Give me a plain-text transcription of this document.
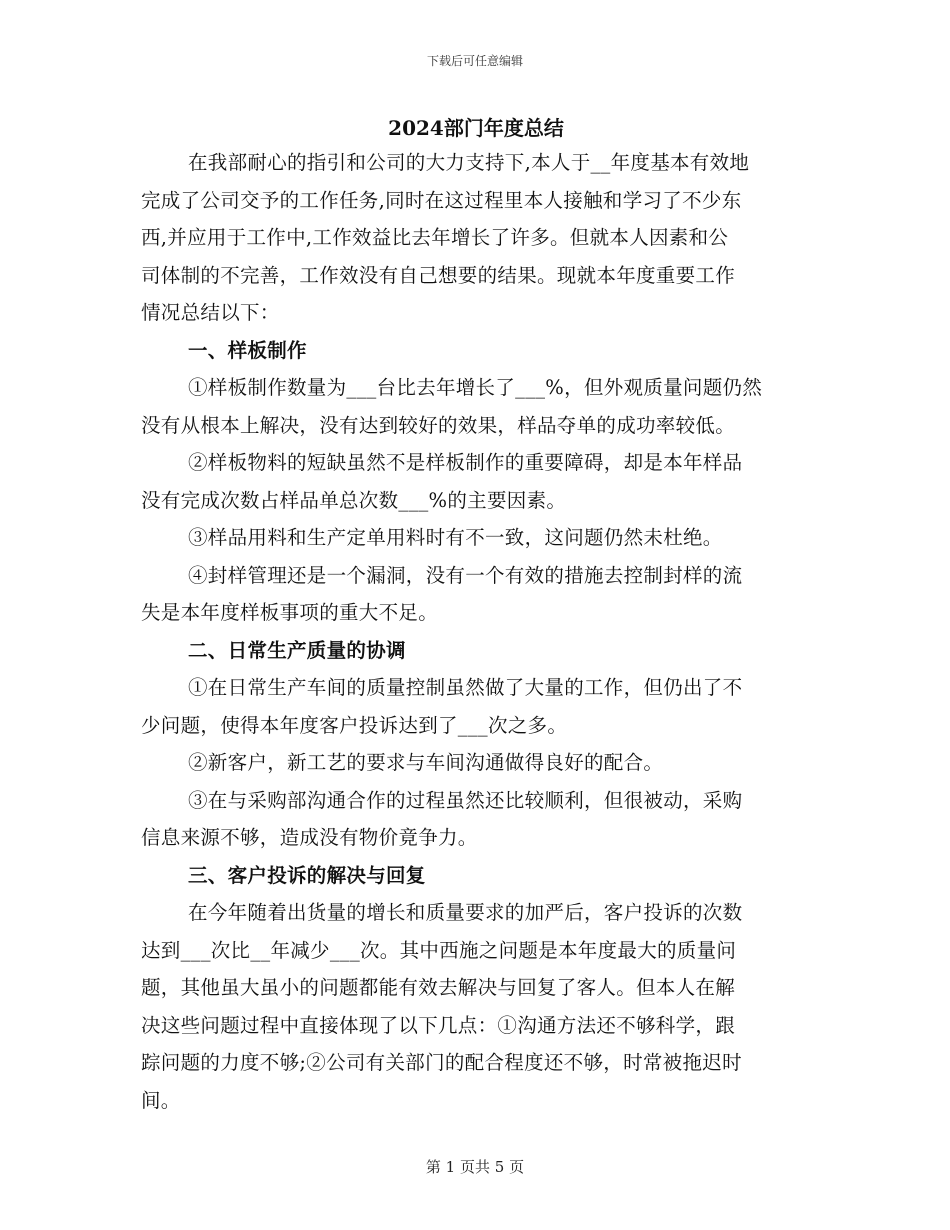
下载后可任意编辑
2024部门年度总结
在我部耐心的指引和公司的大力支持下,本人于__年度基本有效地
完成了公司交予的工作任务,同时在这过程里本人接触和学习了不少东
西,并应用于工作中,工作效益比去年增长了许多。但就本人因素和公
司体制的不完善，工作效没有自己想要的结果。现就本年度重要工作
情况总结以下：
一、样板制作
①样板制作数量为___台比去年增长了___%，但外观质量问题仍然
没有从根本上解决，没有达到较好的效果，样品夺单的成功率较低。
②样板物料的短缺虽然不是样板制作的重要障碍，却是本年样品
没有完成次数占样品单总次数___%的主要因素。
③样品用料和生产定单用料时有不一致，这问题仍然未杜绝。
④封样管理还是一个漏洞，没有一个有效的措施去控制封样的流
失是本年度样板事项的重大不足。
二、日常生产质量的协调
①在日常生产车间的质量控制虽然做了大量的工作，但仍出了不
少问题，使得本年度客户投诉达到了___次之多。
②新客户，新工艺的要求与车间沟通做得良好的配合。
③在与采购部沟通合作的过程虽然还比较顺利，但很被动，采购
信息来源不够，造成没有物价竟争力。
三、客户投诉的解决与回复
在今年随着出货量的增长和质量要求的加严后，客户投诉的次数
达到___次比__年减少___次。其中西施之问题是本年度最大的质量问
题，其他虽大虽小的问题都能有效去解决与回复了客人。但本人在解
决这些问题过程中直接体现了以下几点：①沟通方法还不够科学，跟
踪问题的力度不够;②公司有关部门的配合程度还不够，时常被拖迟时
间。
第 1 页共 5 页
